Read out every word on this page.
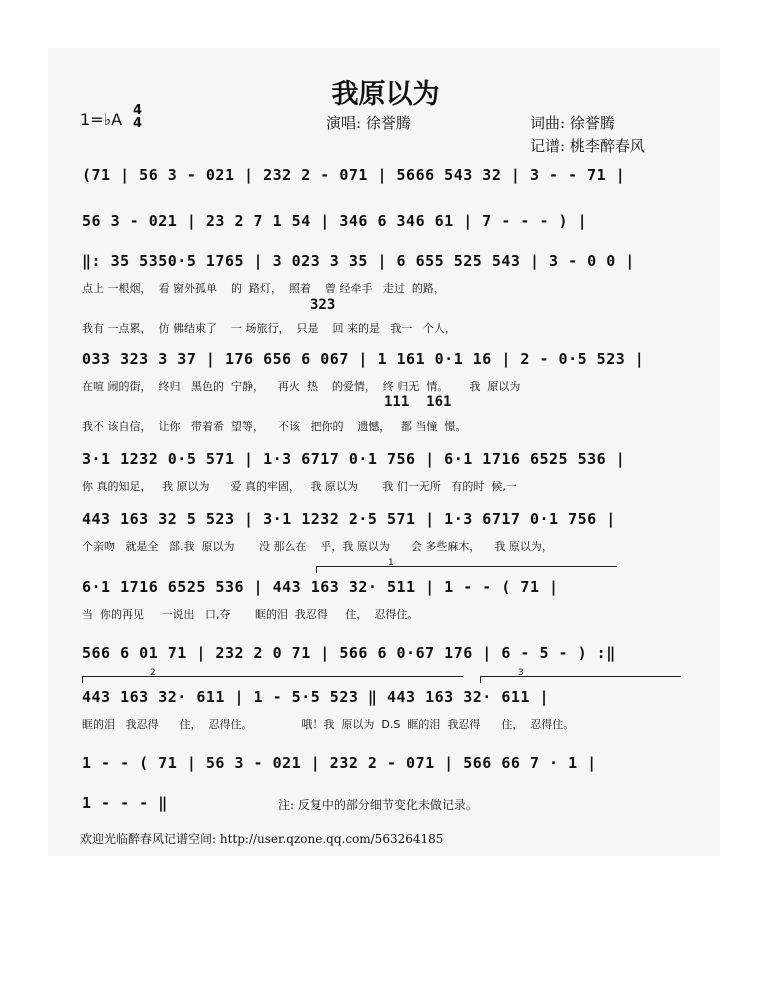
我原以为
1=♭A 4
4	演唱: 徐誉腾	词曲: 徐誉腾
记谱: 桃李醉春风
(71 | 56 3 - 021 | 232 2 - 071 | 5666 543 32 | 3 - - 71 |
56 3 - 021 | 23 2 7 1 54 | 346 6 346 61 | 7 - - - ) |
‖: 35 5350·5 1765 | 3 023 3 35 | 6 655 525 543 | 3 - 0 0 |
点上 一根烟，  看 窗外孤单    的  路灯，  照着    曾 经牵手   走过  的路，
323
我有 一点累，  仿 佛结束了    一 场旅行，  只是    回 来的是   我一   个人，
033 323 3 37 | 176 656 6 067 | 1 161 0·1 16 | 2 - 0·5 523 |
在喧 闹的街，  终归   黑色的  宁静，    再火  热    的爱情，  终 归无  情。      我  原以为
111  161
我不 该自信，  让你   带着希  望等，    不该   把你的    遗憾，   都 当憧  憬。
3·1 1232 0·5 571 | 1·3 6717 0·1 756 | 6·1 1716 6525 536 |
你 真的知足，   我 原以为      爱 真的牢固，   我 原以为       我 们一无所   有的时  候,一
443 163 32 5 523 | 3·1 1232 2·5 571 | 1·3 6717 0·1 756 |
个亲吻   就是全   部.我  原以为       没 那么在    乎，我 原以为      会 多些麻木，    我 原以为，
1
6·1 1716 6525 536 | 443 163 32· 511 | 1 - - ( 71 |
当  你的再见     一说出   口,夺       眶的泪  我忍得     住，  忍得住。
566 6 01 71 | 232 2 0 71 | 566 6 0·67 176 | 6 - 5 - ) :‖
2	3
443 163 32· 611 | 1 - 5·5 523 ‖ 443 163 32· 611 |
眶的泪   我忍得      住，  忍得住。              哦！我  原以为  D.S  眶的泪  我忍得      住，  忍得住。
1 - - ( 71 | 56 3 - 021 | 232 2 - 071 | 566 66 7 · 1 |
1 - - - ‖	注: 反复中的部分细节变化未做记录。
欢迎光临醉春风记谱空间: http://user.qzone.qq.com/563264185
